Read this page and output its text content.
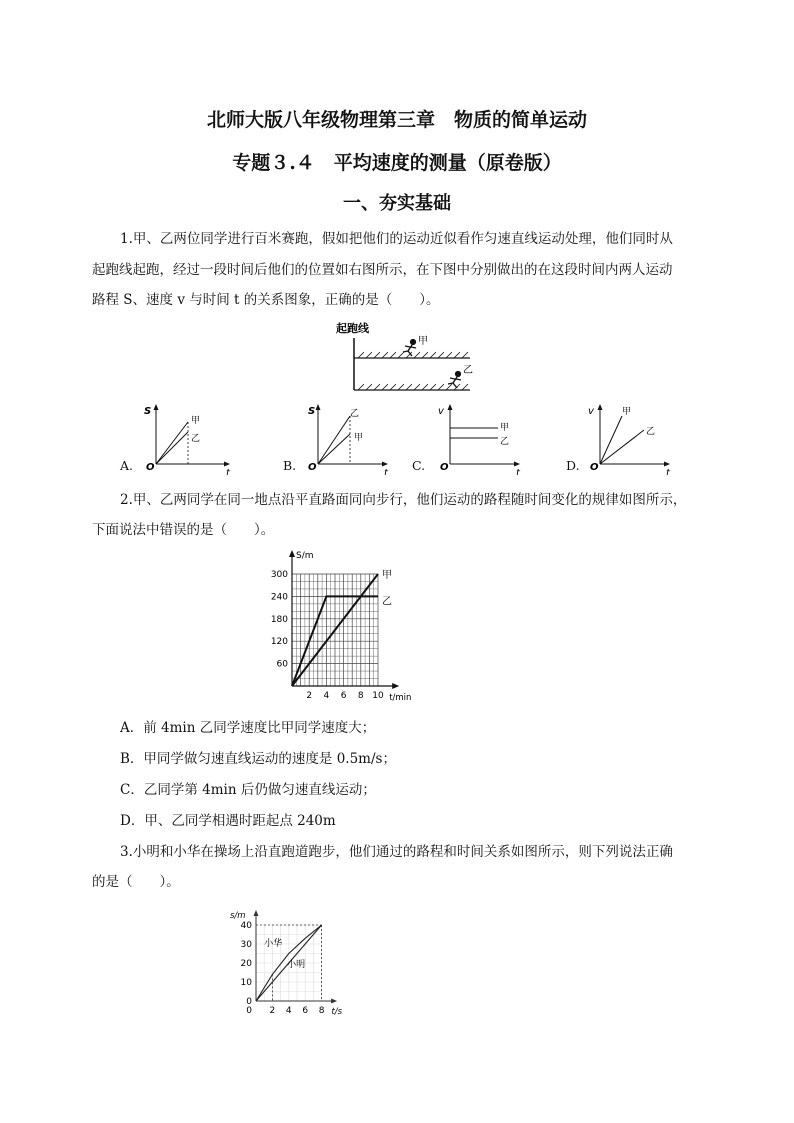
北师大版八年级物理第三章　物质的简单运动
专题３.４　平均速度的测量（原卷版）
一、夯实基础
1.甲、乙两位同学进行百米赛跑，假如把他们的运动近似看作匀速直线运动处理，他们同时从
起跑线起跑，经过一段时间后他们的位置如右图所示，在下图中分别做出的在这段时间内两人运动
路程 S、速度 v 与时间 t 的关系图象，正确的是（　　）。
起跑线
甲
乙
A.
S
t
O
甲
乙
B.
S
t
O
乙
甲
C.
v
t
O
甲
乙
D.
v
t
O
甲
乙
2.甲、乙两同学在同一地点沿平直路面同向步行，他们运动的路程随时间变化的规律如图所示，
下面说法中错误的是（　　）。
S/m
t/min
60
120
180
240
300
2 4 6 8 10
甲
乙
A．前 4min 乙同学速度比甲同学速度大；
B．甲同学做匀速直线运动的速度是 0.5m/s；
C．乙同学第 4min 后仍做匀速直线运动；
D．甲、乙同学相遇时距起点 240m
3.小明和小华在操场上沿直跑道跑步，他们通过的路程和时间关系如图所示，则下列说法正确
的是（　　）。
s/m
t/s
0
10
20
30
40
2 4 6 8
小华
小明
0
